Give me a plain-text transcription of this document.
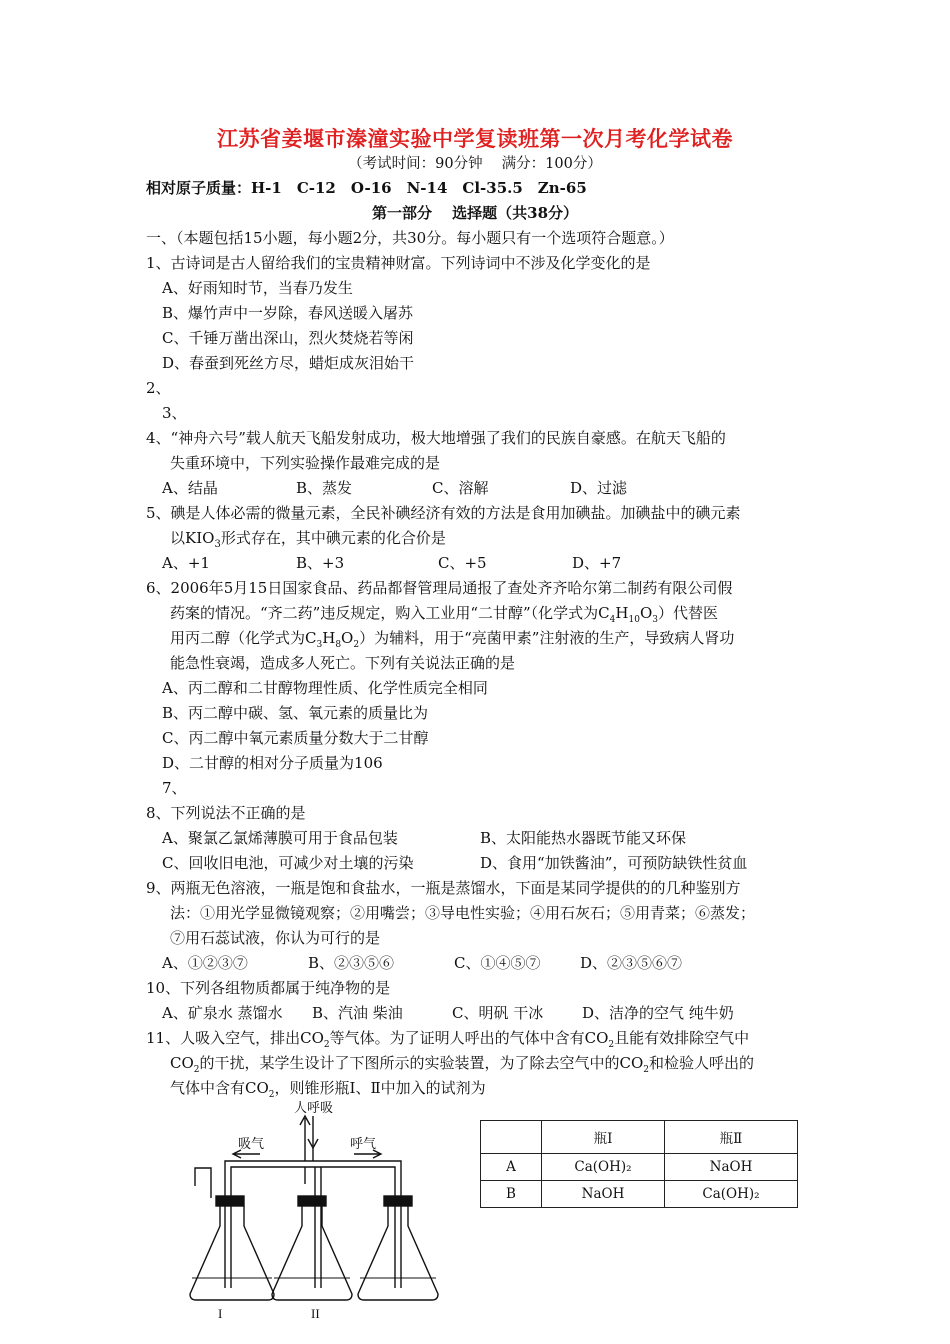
江苏省姜堰市溱潼实验中学复读班第一次月考化学试卷
（考试时间：90分钟　 满分：100分）
相对原子质量：H-1　C-12　O-16　N-14　Cl-35.5　Zn-65
第一部分　 选择题（共38分）
一、（本题包括15小题，每小题2分，共30分。每小题只有一个选项符合题意。）
1、古诗词是古人留给我们的宝贵精神财富。下列诗词中不涉及化学变化的是
A、好雨知时节，当春乃发生
B、爆竹声中一岁除，春风送暖入屠苏
C、千锤万凿出深山，烈火焚烧若等闲
D、春蚕到死丝方尽，蜡炬成灰泪始干
2、
3、
4、“神舟六号”载人航天飞船发射成功，极大地增强了我们的民族自豪感。在航天飞船的
失重环境中，下列实验操作最难完成的是
A、结晶	B、蒸发	C、溶解	D、过滤
5、碘是人体必需的微量元素，全民补碘经济有效的方法是食用加碘盐。加碘盐中的碘元素
以$KIO_3$形式存在，其中碘元素的化合价是
A、+1	B、+3	C、+5	D、+7
6、2006年5月15日国家食品、药品都督管理局通报了查处齐齐哈尔第二制药有限公司假
药案的情况。“齐二药”违反规定，购入工业用“二甘醇”（化学式为$C_4H_{10}O_3$）代替医
用丙二醇（化学式为$C_3H_8O_2$）为辅料，用于“亮菌甲素”注射液的生产，导致病人肾功
能急性衰竭，造成多人死亡。下列有关说法正确的是
A、丙二醇和二甘醇物理性质、化学性质完全相同
B、丙二醇中碳、氢、氧元素的质量比为
C、丙二醇中氧元素质量分数大于二甘醇
D、二甘醇的相对分子质量为106
7、
8、下列说法不正确的是
A、聚氯乙氯烯薄膜可用于食品包装	B、太阳能热水器既节能又环保
C、回收旧电池，可减少对土壤的污染	D、食用“加铁酱油”，可预防缺铁性贫血
9、两瓶无色溶液，一瓶是饱和食盐水，一瓶是蒸馏水，下面是某同学提供的的几种鉴别方
法：①用光学显微镜观察；②用嘴尝；③导电性实验；④用石灰石；⑤用青菜；⑥蒸发；
⑦用石蕊试液，你认为可行的是
A、①②③⑦	B、②③⑤⑥	C、①④⑤⑦	D、②③⑤⑥⑦
10、下列各组物质都属于纯净物的是
A、矿泉水 蒸馏水 B、汽油 柴油	C、明矾 干冰	D、洁净的空气 纯牛奶
11、人吸入空气，排出$CO_2$等气体。为了证明人呼出的气体中含有$CO_2$且能有效排除空气中
$CO_2$的干扰，某学生设计了下图所示的实验装置，为了除去空气中的$CO_2$和检验人呼出的
气体中含有$CO_2$，则锥形瓶Ⅰ、Ⅱ中加入的试剂为
人呼吸
吸气	呼气
I	II
	瓶Ⅰ	瓶Ⅱ
A	Ca(OH)₂	NaOH
B	NaOH	Ca(OH)₂
